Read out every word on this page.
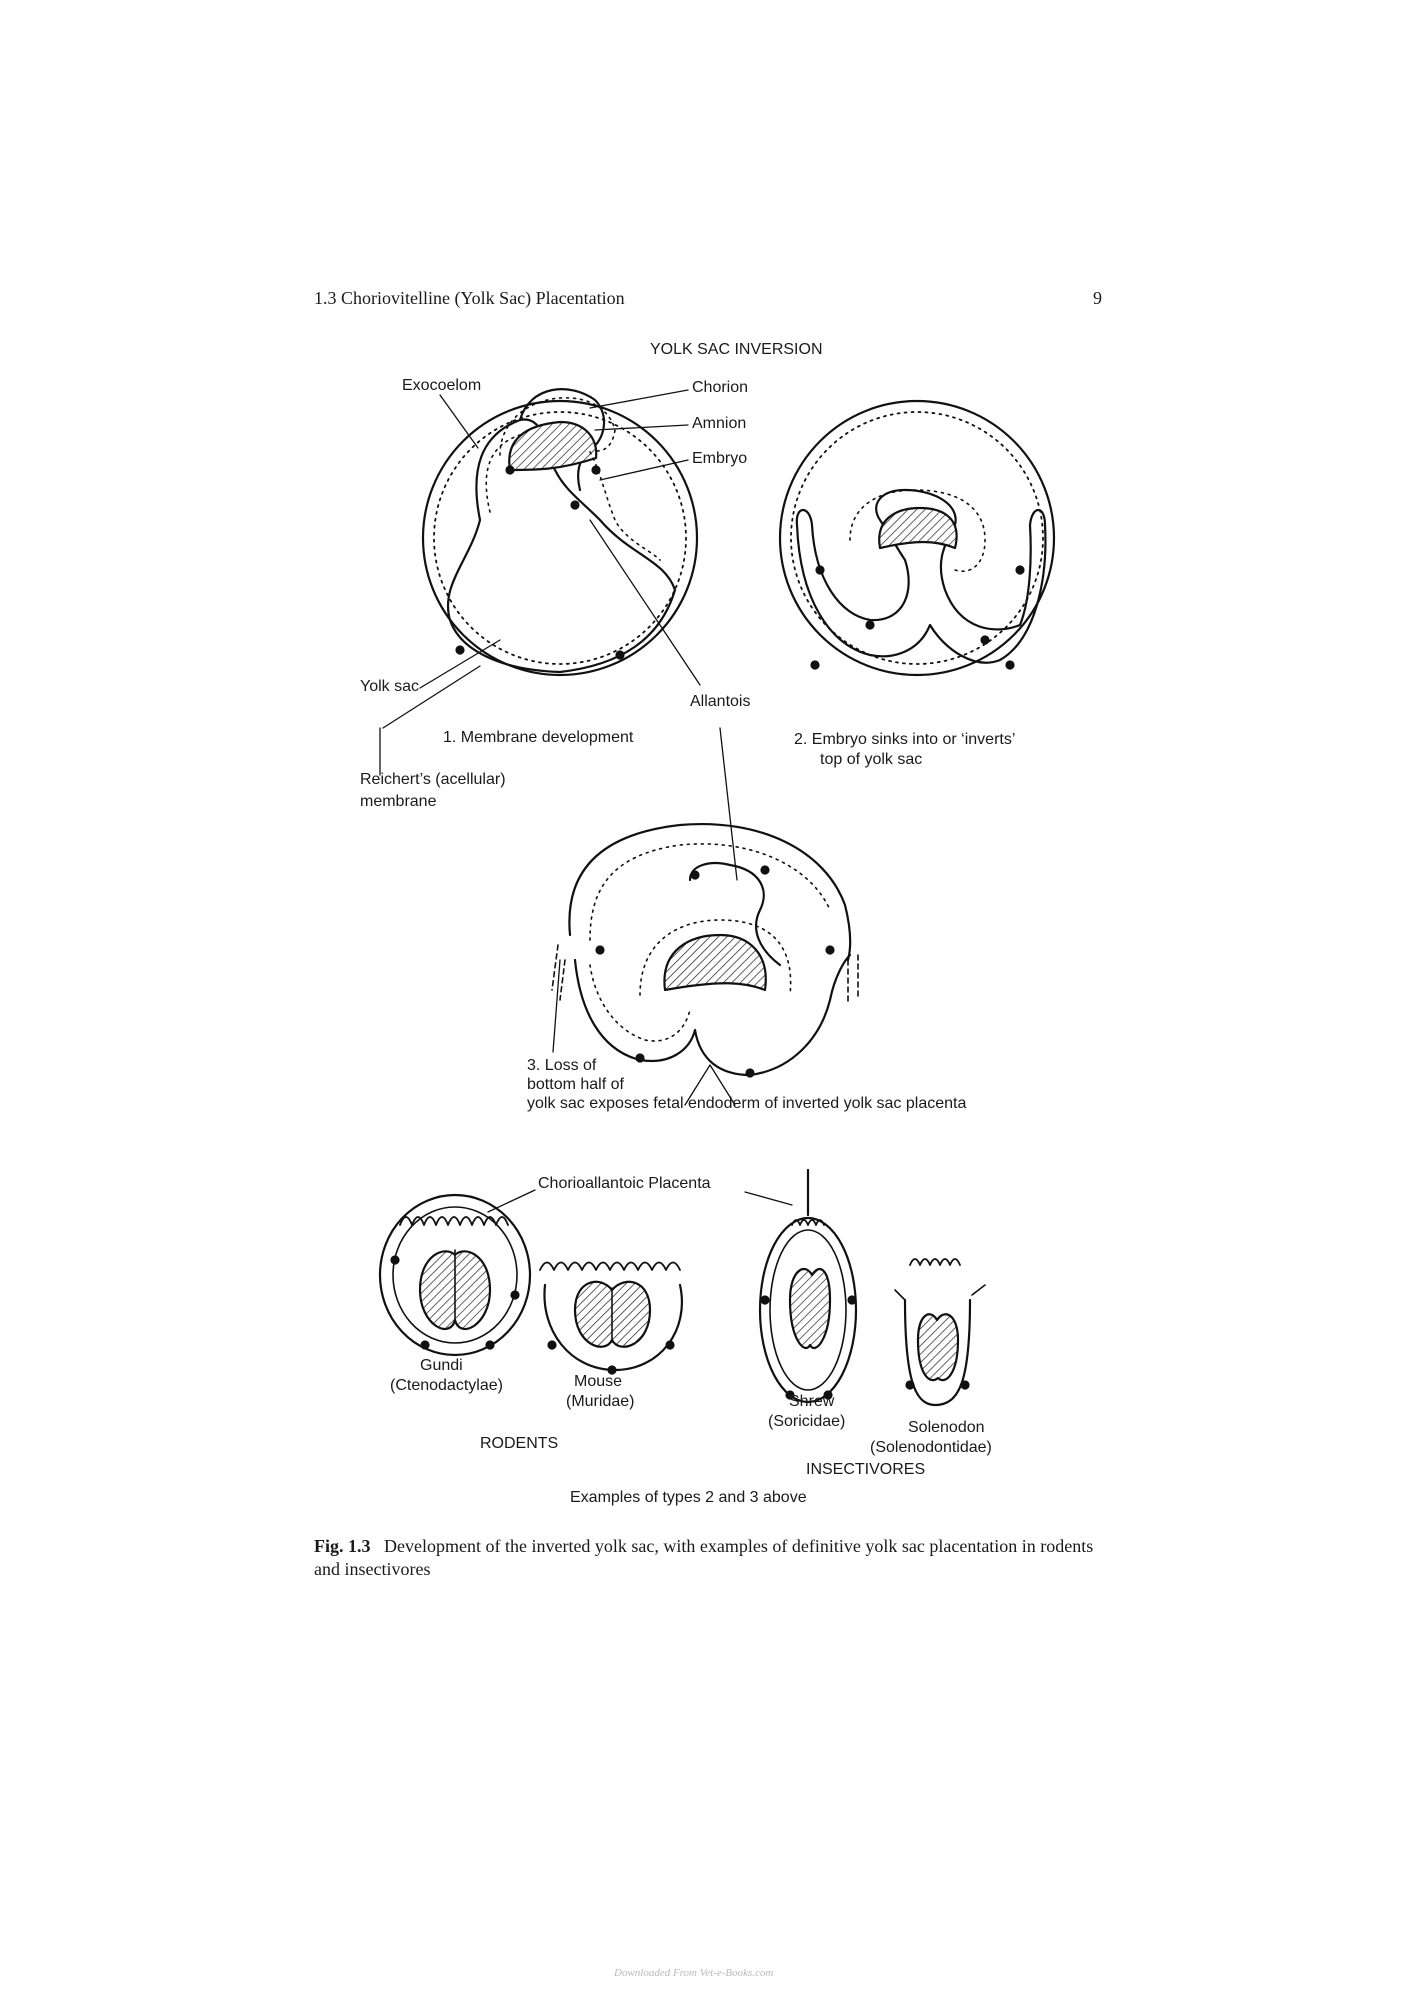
1.3 Choriovitelline (Yolk Sac) Placentation	9
YOLK SAC INVERSION
Exocoelom	Chorion
Amnion
Embryo
Yolk sac
Allantois
1. Membrane development
Reichert’s (acellular)
membrane
2. Embryo sinks into or ‘inverts’
top of yolk sac
3. Loss of
bottom half of
yolk sac exposes fetal endoderm of inverted yolk sac placenta
Chorioallantoic Placenta
Gundi
(Ctenodactylae)	Mouse
(Muridae)	Shrew
(Soricidae)	Solenodon
(Solenodontidae)
RODENTS
INSECTIVORES
Examples of types 2 and 3 above
Fig. 1.3 Development of the inverted yolk sac, with examples of definitive yolk sac placentation in rodents and insectivores
Downloaded From Vet-e-Books.com
